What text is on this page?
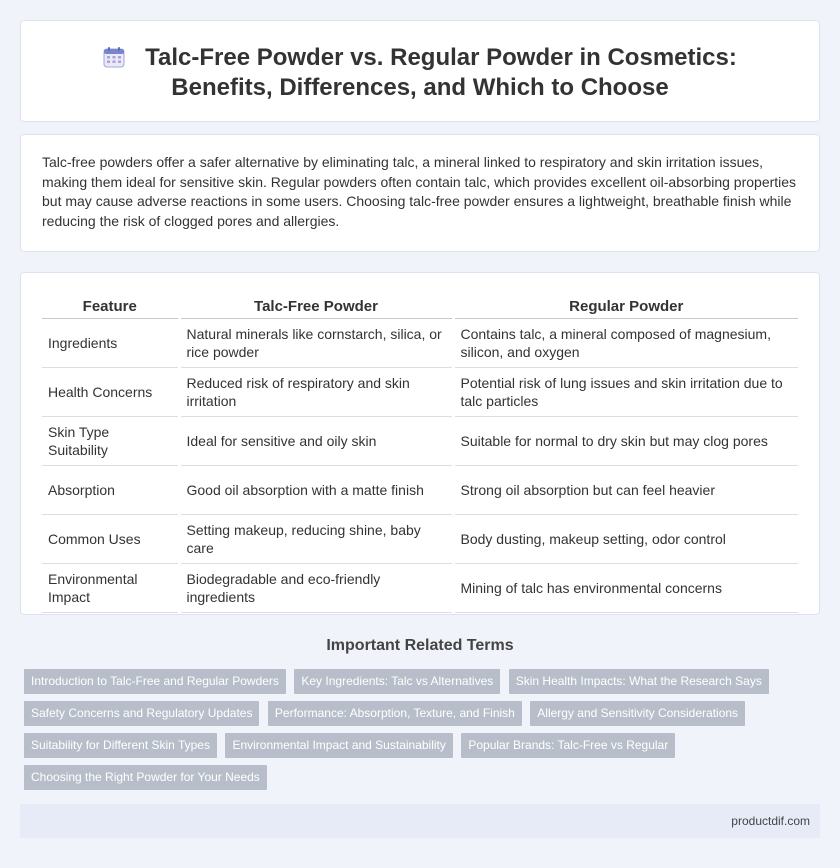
Talc-Free Powder vs. Regular Powder in Cosmetics: Benefits, Differences, and Which to Choose

Talc-free powders offer a safer alternative by eliminating talc, a mineral linked to respiratory and skin irritation issues, making them ideal for sensitive skin. Regular powders often contain talc, which provides excellent oil-absorbing properties but may cause adverse reactions in some users. Choosing talc-free powder ensures a lightweight, breathable finish while reducing the risk of clogged pores and allergies.

Feature	Talc-Free Powder	Regular Powder
Ingredients	Natural minerals like cornstarch, silica, or rice powder	Contains talc, a mineral composed of magnesium, silicon, and oxygen
Health Concerns	Reduced risk of respiratory and skin irritation	Potential risk of lung issues and skin irritation due to talc particles
Skin Type Suitability	Ideal for sensitive and oily skin	Suitable for normal to dry skin but may clog pores
Absorption	Good oil absorption with a matte finish	Strong oil absorption but can feel heavier
Common Uses	Setting makeup, reducing shine, baby care	Body dusting, makeup setting, odor control
Environmental Impact	Biodegradable and eco-friendly ingredients	Mining of talc has environmental concerns
Important Related Terms
Introduction to Talc-Free and Regular Powders Key Ingredients: Talc vs Alternatives Skin Health Impacts: What the Research Says Safety Concerns and Regulatory Updates Performance: Absorption, Texture, and Finish Allergy and Sensitivity Considerations Suitability for Different Skin Types Environmental Impact and Sustainability Popular Brands: Talc-Free vs Regular Choosing the Right Powder for Your Needs
productdif.com
